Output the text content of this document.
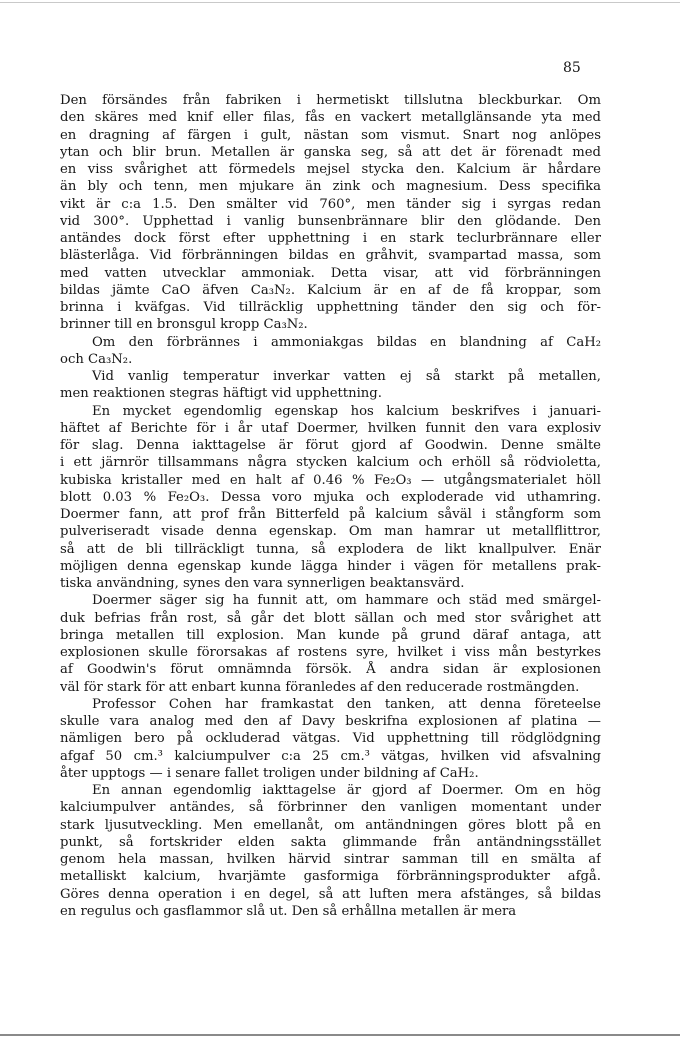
85
Den försändes från fabriken i hermetiskt tillslutna bleckburkar. Om
den skäres med knif eller filas, fås en vackert metallglänsande yta med
en dragning af färgen i gult, nästan som vismut. Snart nog anlöpes
ytan och blir brun. Metallen är ganska seg, så att det är förenadt med
en viss svårighet att förmedels mejsel stycka den. Kalcium är hårdare
än bly och tenn, men mjukare än zink och magnesium. Dess specifika
vikt är c:a 1.5. Den smälter vid 760°, men tänder sig i syrgas redan
vid 300°. Upphettad i vanlig bunsenbrännare blir den glödande. Den
antändes dock först efter upphettning i en stark teclurbrännare eller
blästerlåga. Vid förbränningen bildas en gråhvit, svampartad massa, som
med vatten utvecklar ammoniak. Detta visar, att vid förbränningen
bildas jämte CaO äfven Ca₃N₂. Kalcium är en af de få kroppar, som
brinna i kväfgas. Vid tillräcklig upphettning tänder den sig och för-
brinner till en bronsgul kropp Ca₃N₂.
Om den förbrännes i ammoniakgas bildas en blandning af CaH₂
och Ca₃N₂.
Vid vanlig temperatur inverkar vatten ej så starkt på metallen,
men reaktionen stegras häftigt vid upphettning.
En mycket egendomlig egenskap hos kalcium beskrifves i januari-
häftet af Berichte för i år utaf Doermer, hvilken funnit den vara explosiv
för slag. Denna iakttagelse är förut gjord af Goodwin. Denne smälte
i ett järnrör tillsammans några stycken kalcium och erhöll så rödvioletta,
kubiska kristaller med en halt af 0.46 % Fe₂O₃ — utgångsmaterialet höll
blott 0.03 % Fe₂O₃. Dessa voro mjuka och exploderade vid uthamring.
Doermer fann, att prof från Bitterfeld på kalcium såväl i stångform som
pulveriseradt visade denna egenskap. Om man hamrar ut metallflittror,
så att de bli tillräckligt tunna, så explodera de likt knallpulver. Enär
möjligen denna egenskap kunde lägga hinder i vägen för metallens prak-
tiska användning, synes den vara synnerligen beaktansvärd.
Doermer säger sig ha funnit att, om hammare och städ med smärgel-
duk befrias från rost, så går det blott sällan och med stor svårighet att
bringa metallen till explosion. Man kunde på grund däraf antaga, att
explosionen skulle förorsakas af rostens syre, hvilket i viss mån bestyrkes
af Goodwin's förut omnämnda försök. Å andra sidan är explosionen
väl för stark för att enbart kunna föranledes af den reducerade rostmängden.
Professor Cohen har framkastat den tanken, att denna företeelse
skulle vara analog med den af Davy beskrifna explosionen af platina —
nämligen bero på ockluderad vätgas. Vid upphettning till rödglödgning
afgaf 50 cm.³ kalciumpulver c:a 25 cm.³ vätgas, hvilken vid afsvalning
åter upptogs — i senare fallet troligen under bildning af CaH₂.
En annan egendomlig iakttagelse är gjord af Doermer. Om en hög
kalciumpulver antändes, så förbrinner den vanligen momentant under
stark ljusutveckling. Men emellanåt, om antändningen göres blott på en
punkt, så fortskrider elden sakta glimmande från antändningsstället
genom hela massan, hvilken härvid sintrar samman till en smälta af
metalliskt kalcium, hvarjämte gasformiga förbränningsprodukter afgå.
Göres denna operation i en degel, så att luften mera afstänges, så bildas
en regulus och gasflammor slå ut. Den så erhållna metallen är mera
